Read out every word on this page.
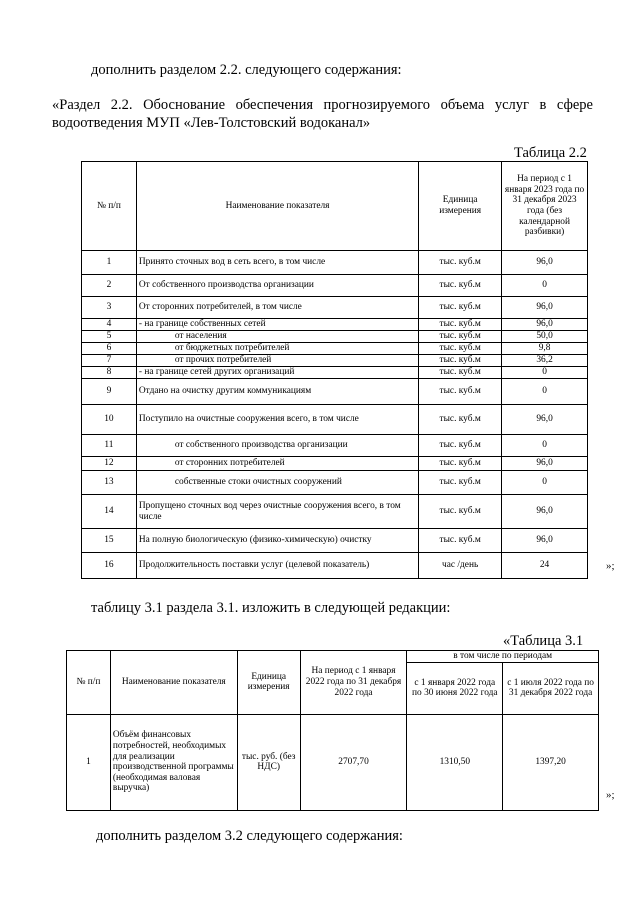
дополнить разделом 2.2. следующего содержания:

«Раздел 2.2. Обоснование обеспечения прогнозируемого объема услуг в сфере

водоотведения МУП «Лев-Толстовский водоканал»

Таблица 2.2

№ п/п	Наименование показателя	Единица измерения	На период с 1 января 2023 года по 31 декабря 2023 года (без календарной разбивки)
1	Принято сточных вод в сеть всего, в том числе	тыс. куб.м	96,0
2	От собственного производства организации	тыс. куб.м	0
3	От сторонних потребителей, в том числе	тыс. куб.м	96,0
4	- на границе собственных сетей	тыс. куб.м	96,0
5	от населения	тыс. куб.м	50,0
6	от бюджетных потребителей	тыс. куб.м	9,8
7	от прочих потребителей	тыс. куб.м	36,2
8	- на границе сетей других организаций	тыс. куб.м	0
9	Отдано на очистку другим коммуникациям	тыс. куб.м	0
10	Поступило на очистные сооружения всего, в том числе	тыс. куб.м	96,0
11	от собственного производства организации	тыс. куб.м	0
12	от сторонних потребителей	тыс. куб.м	96,0
13	собственные стоки очистных сооружений	тыс. куб.м	0
14	Пропущено сточных вод через очистные сооружения всего, в том числе	тыс. куб.м	96,0
15	На полную биологическую (физико-химическую) очистку	тыс. куб.м	96,0
16	Продолжительность поставки услуг (целевой показатель)	час /день	24	»;

таблицу 3.1 раздела 3.1. изложить в следующей редакции:

«Таблица 3.1

№ п/п	Наименование показателя	Единица измерения	На период с 1 января 2022 года по 31 декабря 2022 года	в том числе по периодам	
				с 1 января 2022 года по 30 июня 2022 года	с 1 июля 2022 года по 31 декабря 2022 года
1	Объём финансовых потребностей, необходимых для реализации производственной программы (необходимая валовая выручка)	тыс. руб. (без НДС)	2707,70	1310,50	1397,20
»;

дополнить разделом 3.2 следующего содержания:
